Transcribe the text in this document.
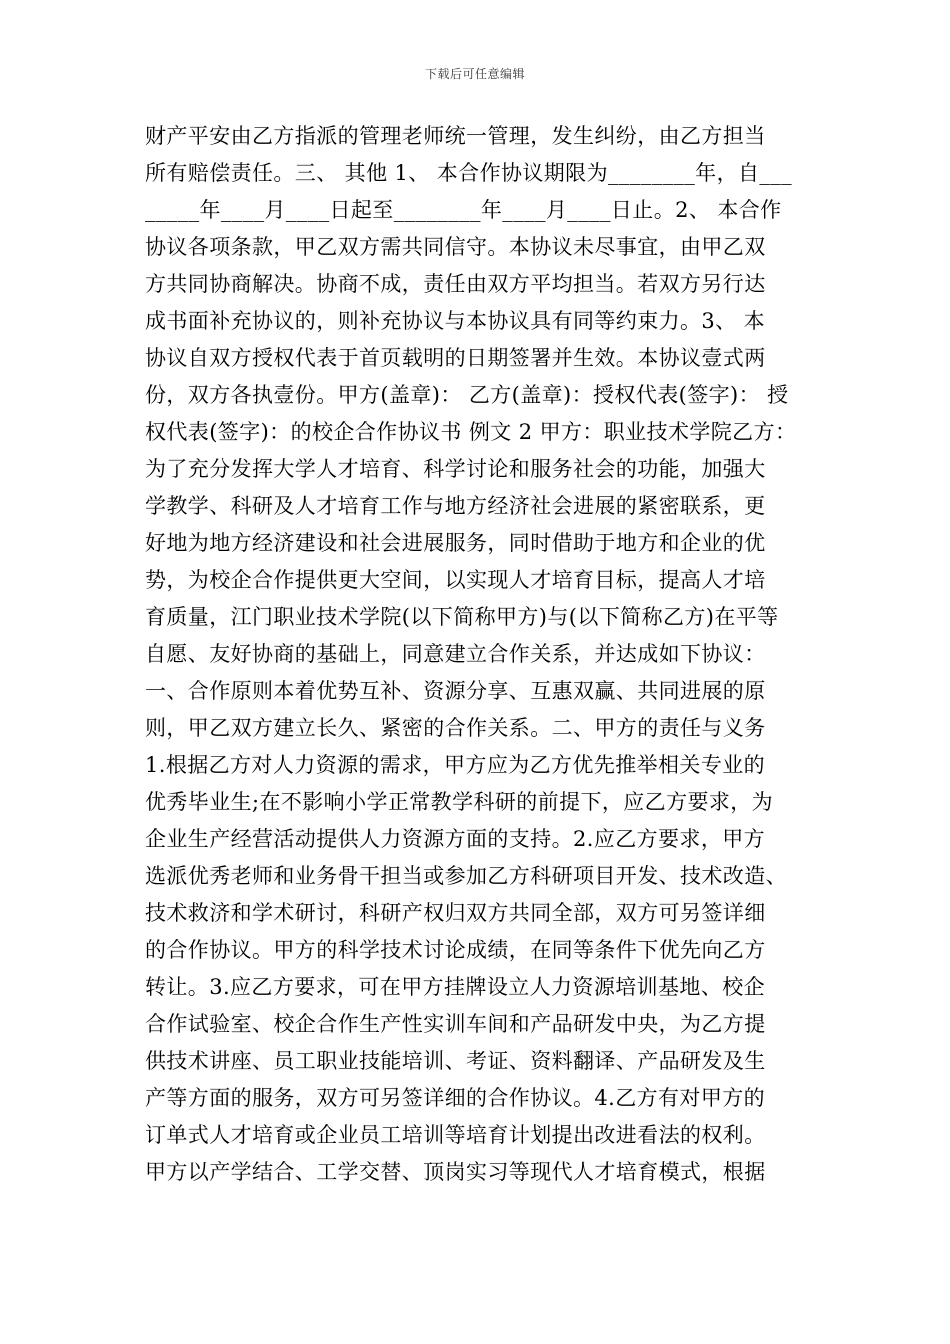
下载后可任意编辑
财产平安由乙方指派的管理老师统一管理，发生纠纷，由乙方担当
所有赔偿责任。三、 其他 1、 本合作协议期限为________年，自___
_____年____月____日起至________年____月____日止。2、 本合作
协议各项条款，甲乙双方需共同信守。本协议未尽事宜，由甲乙双
方共同协商解决。协商不成，责任由双方平均担当。若双方另行达
成书面补充协议的，则补充协议与本协议具有同等约束力。3、 本
协议自双方授权代表于首页载明的日期签署并生效。本协议壹式两
份，双方各执壹份。甲方(盖章)： 乙方(盖章)：授权代表(签字)： 授
权代表(签字)：的校企合作协议书 例文 2 甲方：职业技术学院乙方：
为了充分发挥大学人才培育、科学讨论和服务社会的功能，加强大
学教学、科研及人才培育工作与地方经济社会进展的紧密联系，更
好地为地方经济建设和社会进展服务，同时借助于地方和企业的优
势，为校企合作提供更大空间，以实现人才培育目标，提高人才培
育质量，江门职业技术学院(以下简称甲方)与(以下简称乙方)在平等
自愿、友好协商的基础上，同意建立合作关系，并达成如下协议：
一、合作原则本着优势互补、资源分享、互惠双赢、共同进展的原
则，甲乙双方建立长久、紧密的合作关系。二、甲方的责任与义务
1.根据乙方对人力资源的需求，甲方应为乙方优先推举相关专业的
优秀毕业生;在不影响小学正常教学科研的前提下，应乙方要求，为
企业生产经营活动提供人力资源方面的支持。2.应乙方要求，甲方
选派优秀老师和业务骨干担当或参加乙方科研项目开发、技术改造、
技术救济和学术研讨，科研产权归双方共同全部，双方可另签详细
的合作协议。甲方的科学技术讨论成绩，在同等条件下优先向乙方
转让。3.应乙方要求，可在甲方挂牌设立人力资源培训基地、校企
合作试验室、校企合作生产性实训车间和产品研发中央，为乙方提
供技术讲座、员工职业技能培训、考证、资料翻译、产品研发及生
产等方面的服务，双方可另签详细的合作协议。4.乙方有对甲方的
订单式人才培育或企业员工培训等培育计划提出改进看法的权利。
甲方以产学结合、工学交替、顶岗实习等现代人才培育模式，根据
